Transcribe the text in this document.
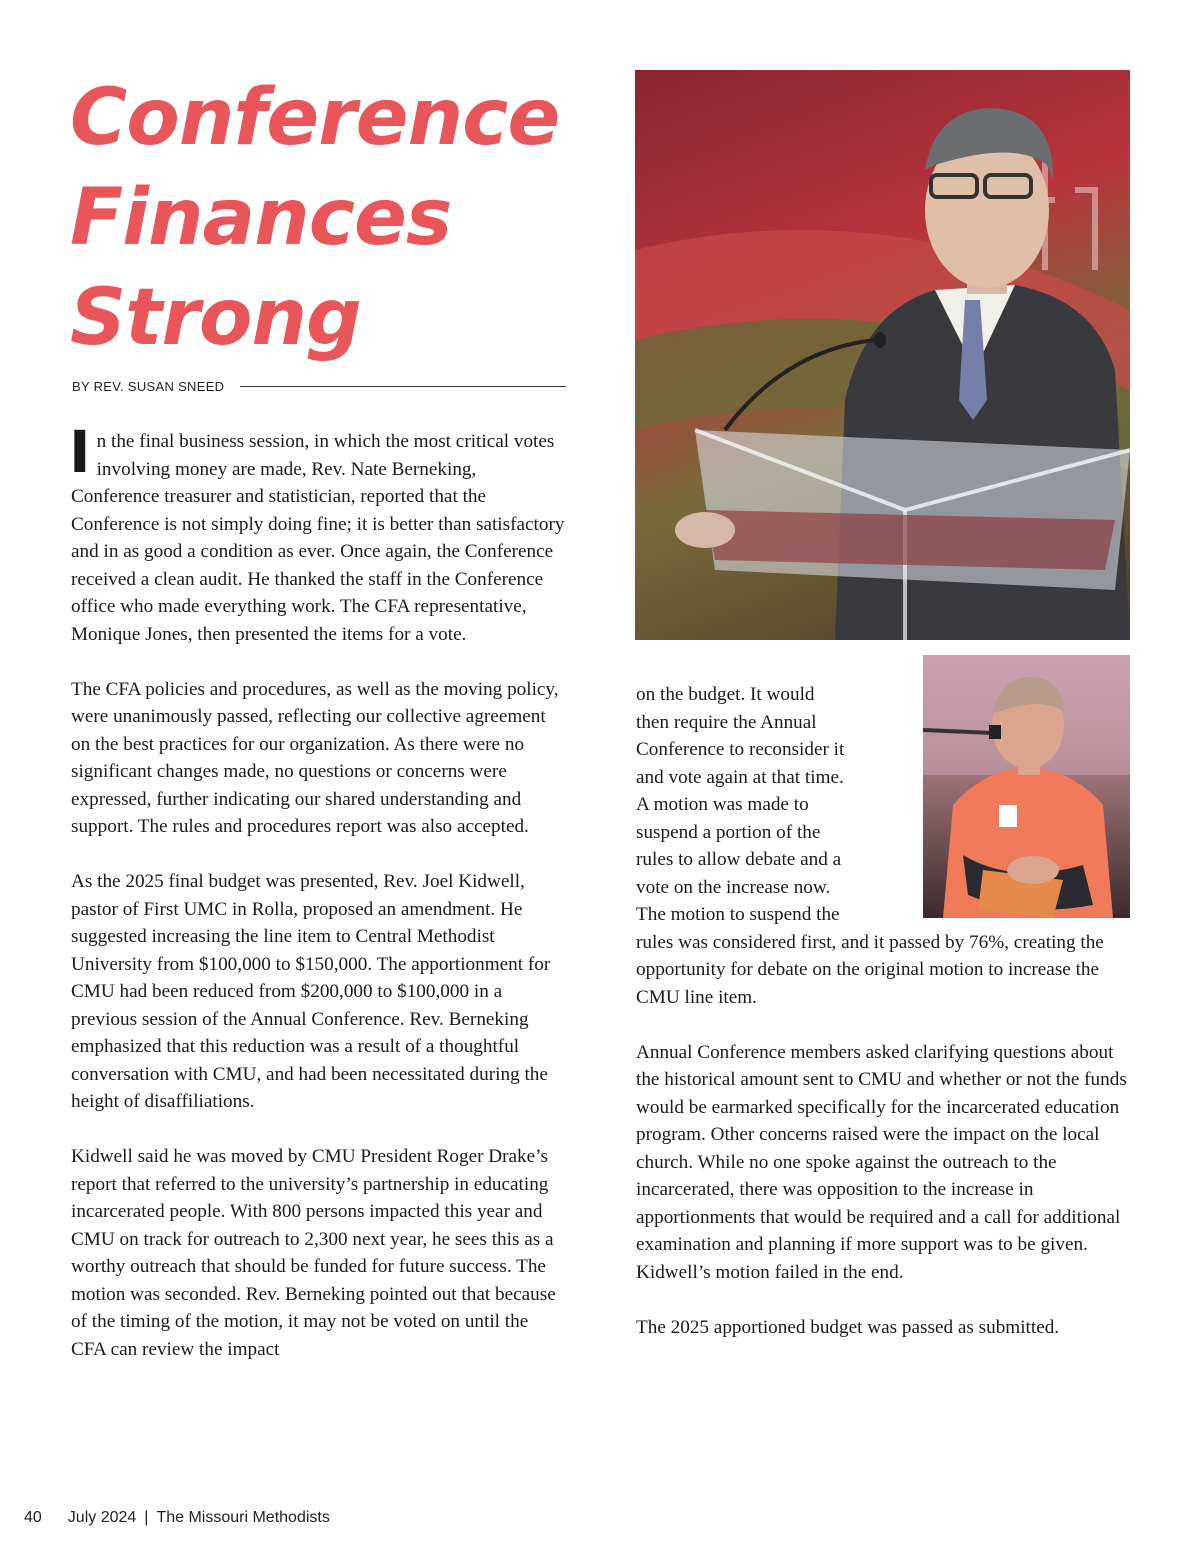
Conference
Finances
Strong
BY REV. SUSAN SNEED

In the final business session, in which the most critical votes involving money are made, Rev. Nate Berneking, Conference treasurer and statistician, reported that the Conference is not simply doing fine; it is better than satisfactory and in as good a condition as ever. Once again, the Conference received a clean audit. He thanked the staff in the Conference office who made everything work. The CFA representative, Monique Jones, then presented the items for a vote.

The CFA policies and procedures, as well as the moving policy, were unanimously passed, reflecting our collective agreement on the best practices for our organization. As there were no significant changes made, no questions or concerns were expressed, further indicating our shared understanding and support. The rules and procedures report was also accepted.

As the 2025 final budget was presented, Rev. Joel Kidwell, pastor of First UMC in Rolla, proposed an amendment. He suggested increasing the line item to Central Methodist University from $100,000 to $150,000. The apportionment for CMU had been reduced from $200,000 to $100,000 in a previous session of the Annual Conference. Rev. Berneking emphasized that this reduction was a result of a thoughtful conversation with CMU, and had been necessitated during the height of disaffiliations.

Kidwell said he was moved by CMU President Roger Drake’s report that referred to the university’s partnership in educating incarcerated people. With 800 persons impacted this year and CMU on track for outreach to 2,300 next year, he sees this as a worthy outreach that should be funded for future success. The motion was seconded. Rev. Berneking pointed out that because of the timing of the motion, it may not be voted on until the CFA can review the impact

on the budget. It would then require the Annual Conference to reconsider it and vote again at that time. A motion was made to suspend a portion of the rules to allow debate and a vote on the increase now. The motion to suspend the rules was considered first, and it passed by 76%, creating the opportunity for debate on the original motion to increase the CMU line item.

Annual Conference members asked clarifying questions about the historical amount sent to CMU and whether or not the funds would be earmarked specifically for the incarcerated education program. Other concerns raised were the impact on the local church. While no one spoke against the outreach to the incarcerated, there was opposition to the increase in apportionments that would be required and a call for additional examination and planning if more support was to be given. Kidwell’s motion failed in the end.

The 2025 apportioned budget was passed as submitted.

40 July 2024 | The Missouri Methodists
